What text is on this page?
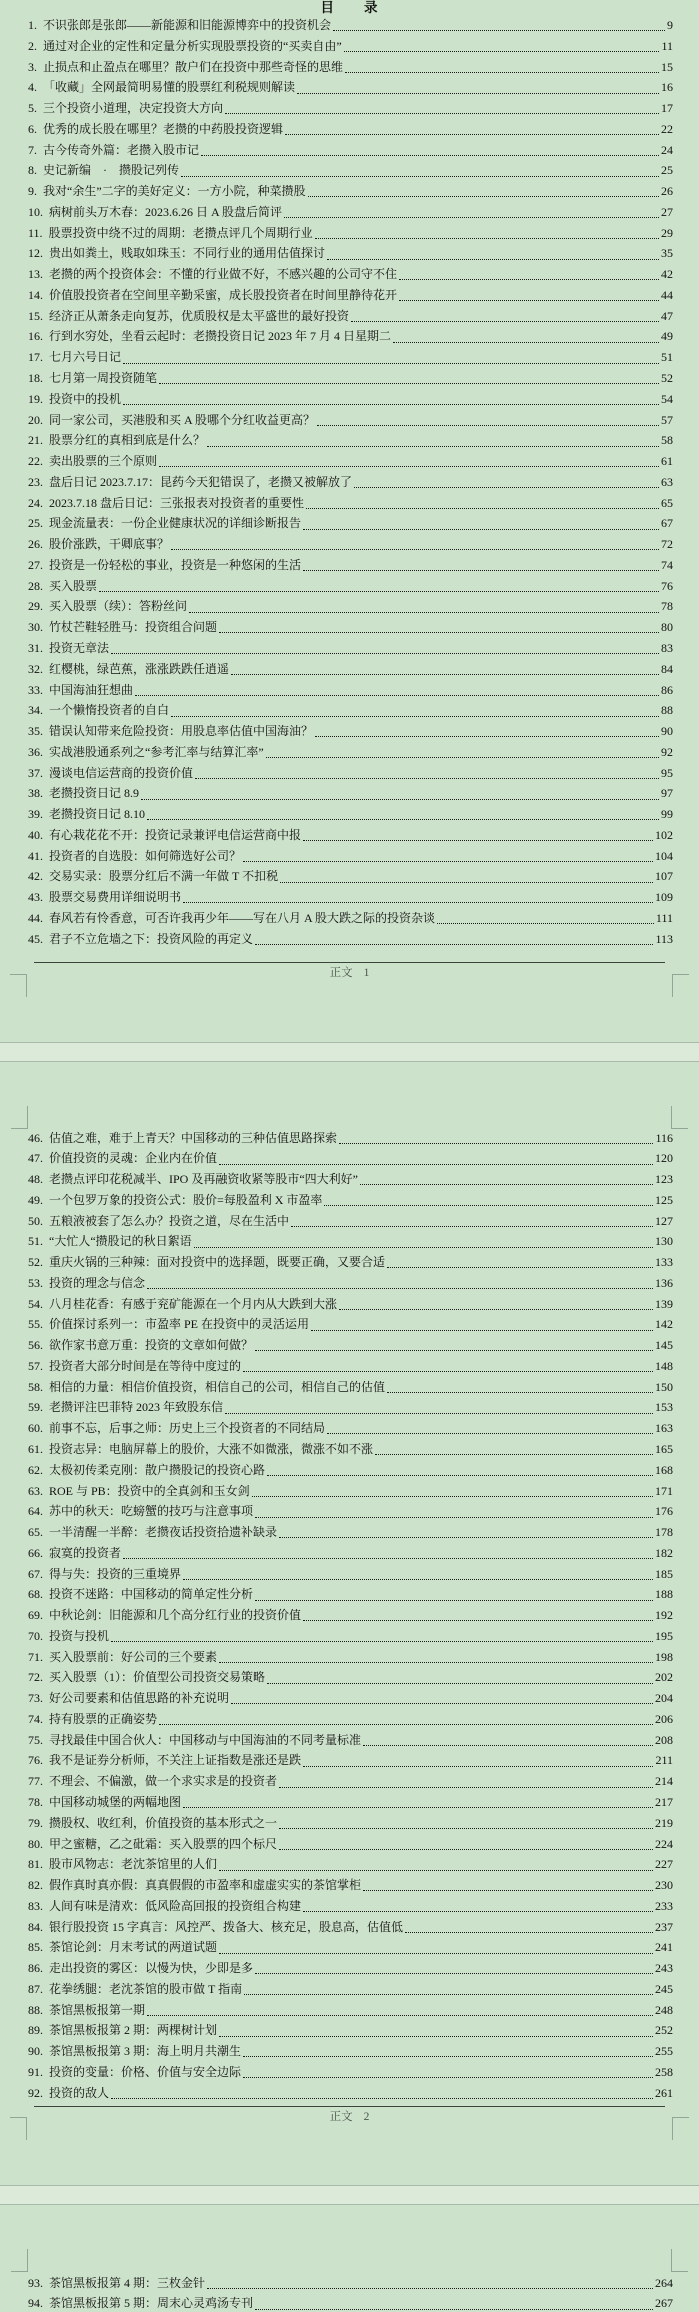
目　　录
1. 不识张郎是张郎——新能源和旧能源博弈中的投资机会	9
2. 通过对企业的定性和定量分析实现股票投资的“买卖自由”	11
3. 止损点和止盈点在哪里？散户们在投资中那些奇怪的思维	15
4. 「收藏」全网最简明易懂的股票红利税规则解读	16
5. 三个投资小道理，决定投资大方向	17
6. 优秀的成长股在哪里？老攒的中药股投资逻辑	22
7. 古今传奇外篇：老攒入股市记	24
8. 史记新编　·　攒股记列传	25
9. 我对“余生”二字的美好定义：一方小院，种菜攒股	26
10. 病树前头万木春：2023.6.26 日 A 股盘后简评	27
11. 股票投资中绕不过的周期：老攒点评几个周期行业	29
12. 贵出如粪土，贱取如珠玉：不同行业的通用估值探讨	35
13. 老攒的两个投资体会：不懂的行业做不好，不感兴趣的公司守不住	42
14. 价值股投资者在空间里辛勤采蜜，成长股投资者在时间里静待花开	44
15. 经济正从萧条走向复苏，优质股权是太平盛世的最好投资	47
16. 行到水穷处，坐看云起时：老攒投资日记 2023 年 7 月 4 日星期二	49
17. 七月六号日记	51
18. 七月第一周投资随笔	52
19. 投资中的投机	54
20. 同一家公司，买港股和买 A 股哪个分红收益更高？	57
21. 股票分红的真相到底是什么？	58
22. 卖出股票的三个原则	61
23. 盘后日记 2023.7.17：昆药今天犯错误了，老攒又被解放了	63
24. 2023.7.18 盘后日记：三张报表对投资者的重要性	65
25. 现金流量表：一份企业健康状况的详细诊断报告	67
26. 股价涨跌，干卿底事？	72
27. 投资是一份轻松的事业，投资是一种悠闲的生活	74
28. 买入股票	76
29. 买入股票（续）：答粉丝问	78
30. 竹杖芒鞋轻胜马：投资组合问题	80
31. 投资无章法	83
32. 红樱桃，绿芭蕉，涨涨跌跌任逍遥	84
33. 中国海油狂想曲	86
34. 一个懒惰投资者的自白	88
35. 错误认知带来危险投资：用股息率估值中国海油？	90
36. 实战港股通系列之“参考汇率与结算汇率”	92
37. 漫谈电信运营商的投资价值	95
38. 老攒投资日记 8.9	97
39. 老攒投资日记 8.10	99
40. 有心栽花花不开：投资记录兼评电信运营商中报	102
41. 投资者的自选股：如何筛选好公司？	104
42. 交易实录：股票分红后不满一年做 T 不扣税	107
43. 股票交易费用详细说明书	109
44. 春风若有怜香意，可否许我再少年——写在八月 A 股大跌之际的投资杂谈	111
45. 君子不立危墙之下：投资风险的再定义	113
正文 1
46. 估值之难，难于上青天？中国移动的三种估值思路探索	116
47. 价值投资的灵魂：企业内在价值	120
48. 老攒点评印花税减半、IPO 及再融资收紧等股市“四大利好”	123
49. 一个包罗万象的投资公式：股价=每股盈利 X 市盈率	125
50. 五粮液被套了怎么办？投资之道，尽在生活中	127
51. “大忙人“攒股记的秋日絮语	130
52. 重庆火锅的三种辣：面对投资中的选择题，既要正确，又要合适	133
53. 投资的理念与信念	136
54. 八月桂花香：有感于兖矿能源在一个月内从大跌到大涨	139
55. 价值探讨系列一：市盈率 PE 在投资中的灵活运用	142
56. 欲作家书意万重：投资的文章如何做？	145
57. 投资者大部分时间是在等待中度过的	148
58. 相信的力量：相信价值投资，相信自己的公司，相信自己的估值	150
59. 老攒评注巴菲特 2023 年致股东信	153
60. 前事不忘，后事之师：历史上三个投资者的不同结局	163
61. 投资志异：电脑屏幕上的股价，大涨不如微涨，微涨不如不涨	165
62. 太极初传柔克刚：散户攒股记的投资心路	168
63. ROE 与 PB：投资中的全真剑和玉女剑	171
64. 苏中的秋天：吃螃蟹的技巧与注意事项	176
65. 一半清醒一半醉：老攒夜话投资拾遗补缺录	178
66. 寂寞的投资者	182
67. 得与失：投资的三重境界	185
68. 投资不迷路：中国移动的简单定性分析	188
69. 中秋论剑：旧能源和几个高分红行业的投资价值	192
70. 投资与投机	195
71. 买入股票前：好公司的三个要素	198
72. 买入股票（1）：价值型公司投资交易策略	202
73. 好公司要素和估值思路的补充说明	204
74. 持有股票的正确姿势	206
75. 寻找最佳中国合伙人：中国移动与中国海油的不同考量标准	208
76. 我不是证券分析师，不关注上证指数是涨还是跌	211
77. 不理会、不偏激，做一个求实求是的投资者	214
78. 中国移动城堡的两幅地图	217
79. 攒股权、收红利，价值投资的基本形式之一	219
80. 甲之蜜糖，乙之砒霜：买入股票的四个标尺	224
81. 股市风物志：老沈茶馆里的人们	227
82. 假作真时真亦假：真真假假的市盈率和虚虚实实的茶馆掌柜	230
83. 人间有味是清欢：低风险高回报的投资组合构建	233
84. 银行股投资 15 字真言：风控严、拨备大、核充足，股息高，估值低	237
85. 茶馆论剑：月末考试的两道试题	241
86. 走出投资的雾区：以慢为快，少即是多	243
87. 花拳绣腿：老沈茶馆的股市做 T 指南	245
88. 茶馆黑板报第一期	248
89. 茶馆黑板报第 2 期：两棵树计划	252
90. 茶馆黑板报第 3 期：海上明月共潮生	255
91. 投资的变量：价格、价值与安全边际	258
92. 投资的敌人	261
正文 2
93. 茶馆黑板报第 4 期：三枚金针	264
94. 茶馆黑板报第 5 期：周末心灵鸡汤专刊	267
